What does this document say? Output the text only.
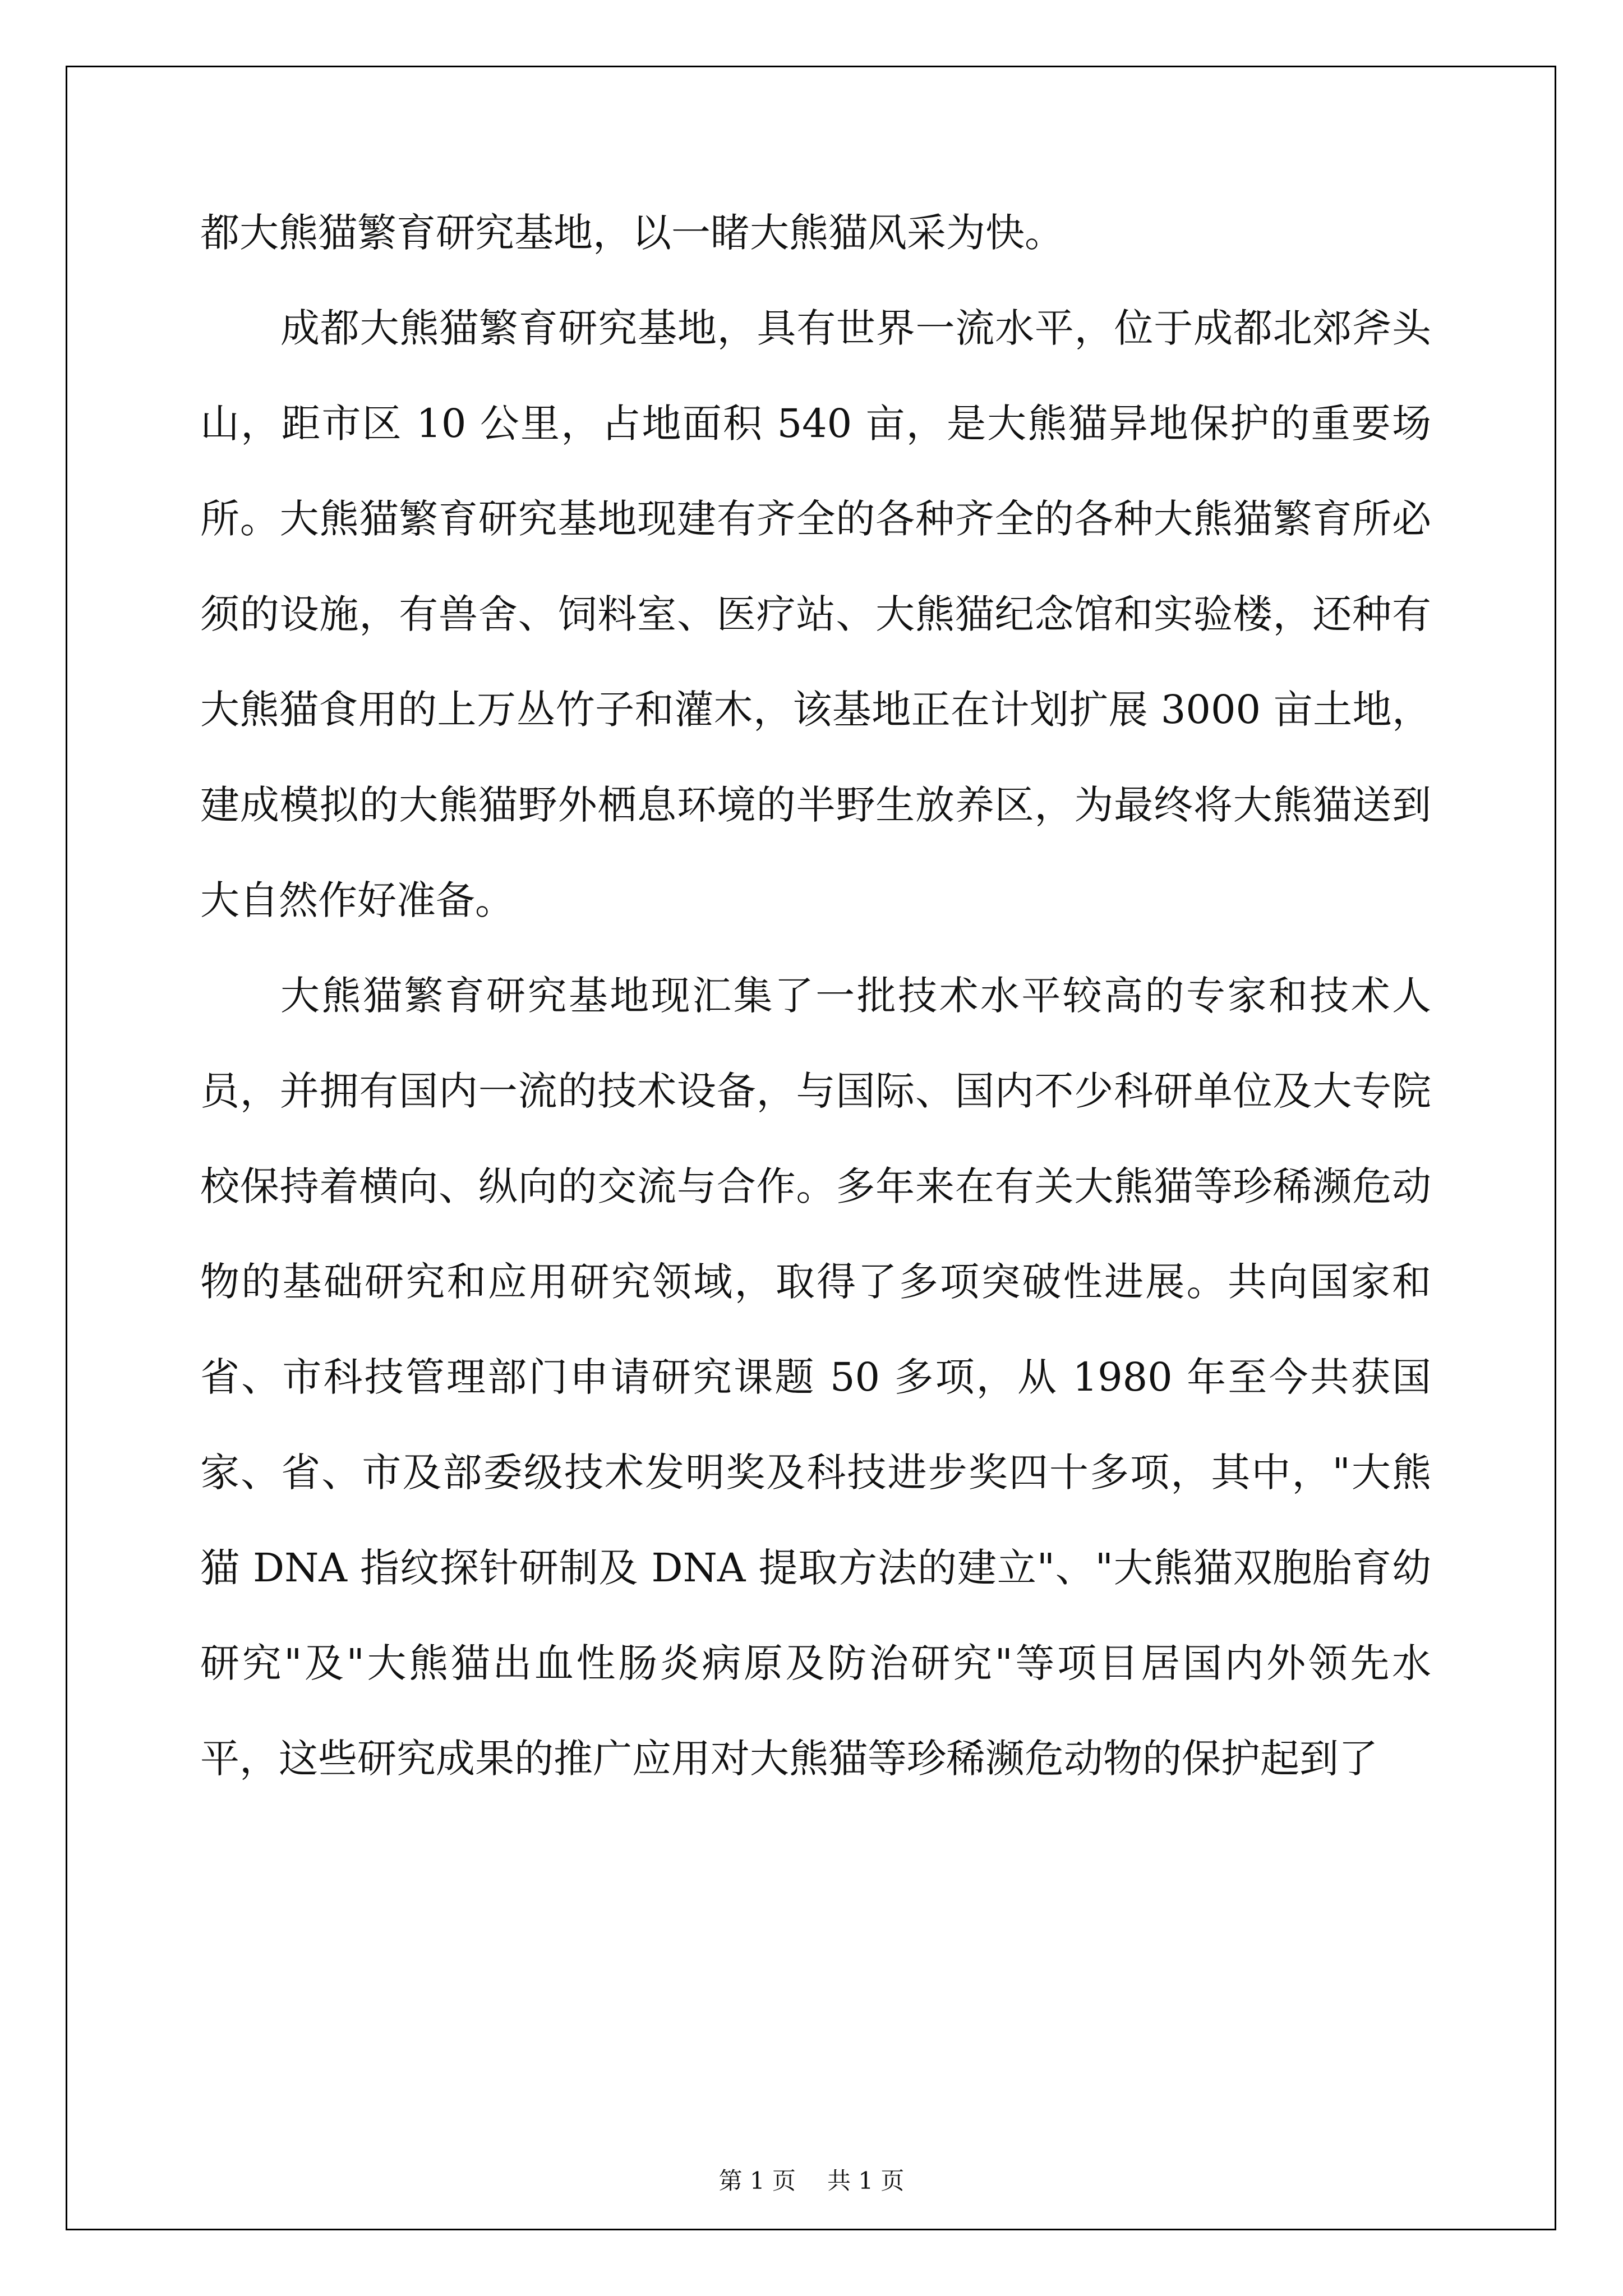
都大熊猫繁育研究基地，以一睹大熊猫风采为快。

成都大熊猫繁育研究基地，具有世界一流水平，位于成都北郊斧头山，距市区 10 公里，占地面积 540 亩，是大熊猫异地保护的重要场所。大熊猫繁育研究基地现建有齐全的各种齐全的各种大熊猫繁育所必须的设施，有兽舍、饲料室、医疗站、大熊猫纪念馆和实验楼，还种有大熊猫食用的上万丛竹子和灌木，该基地正在计划扩展 3000 亩土地，建成模拟的大熊猫野外栖息环境的半野生放养区，为最终将大熊猫送到大自然作好准备。

大熊猫繁育研究基地现汇集了一批技术水平较高的专家和技术人员，并拥有国内一流的技术设备，与国际、国内不少科研单位及大专院校保持着横向、纵向的交流与合作。多年来在有关大熊猫等珍稀濒危动物的基础研究和应用研究领域，取得了多项突破性进展。共向国家和省、市科技管理部门申请研究课题 50 多项，从 1980 年至今共获国家、省、市及部委级技术发明奖及科技进步奖四十多项，其中，"大熊猫 DNA 指纹探针研制及 DNA 提取方法的建立"、"大熊猫双胞胎育幼研究"及"大熊猫出血性肠炎病原及防治研究"等项目居国内外领先水平，这些研究成果的推广应用对大熊猫等珍稀濒危动物的保护起到了

第 1 页 共 1 页
